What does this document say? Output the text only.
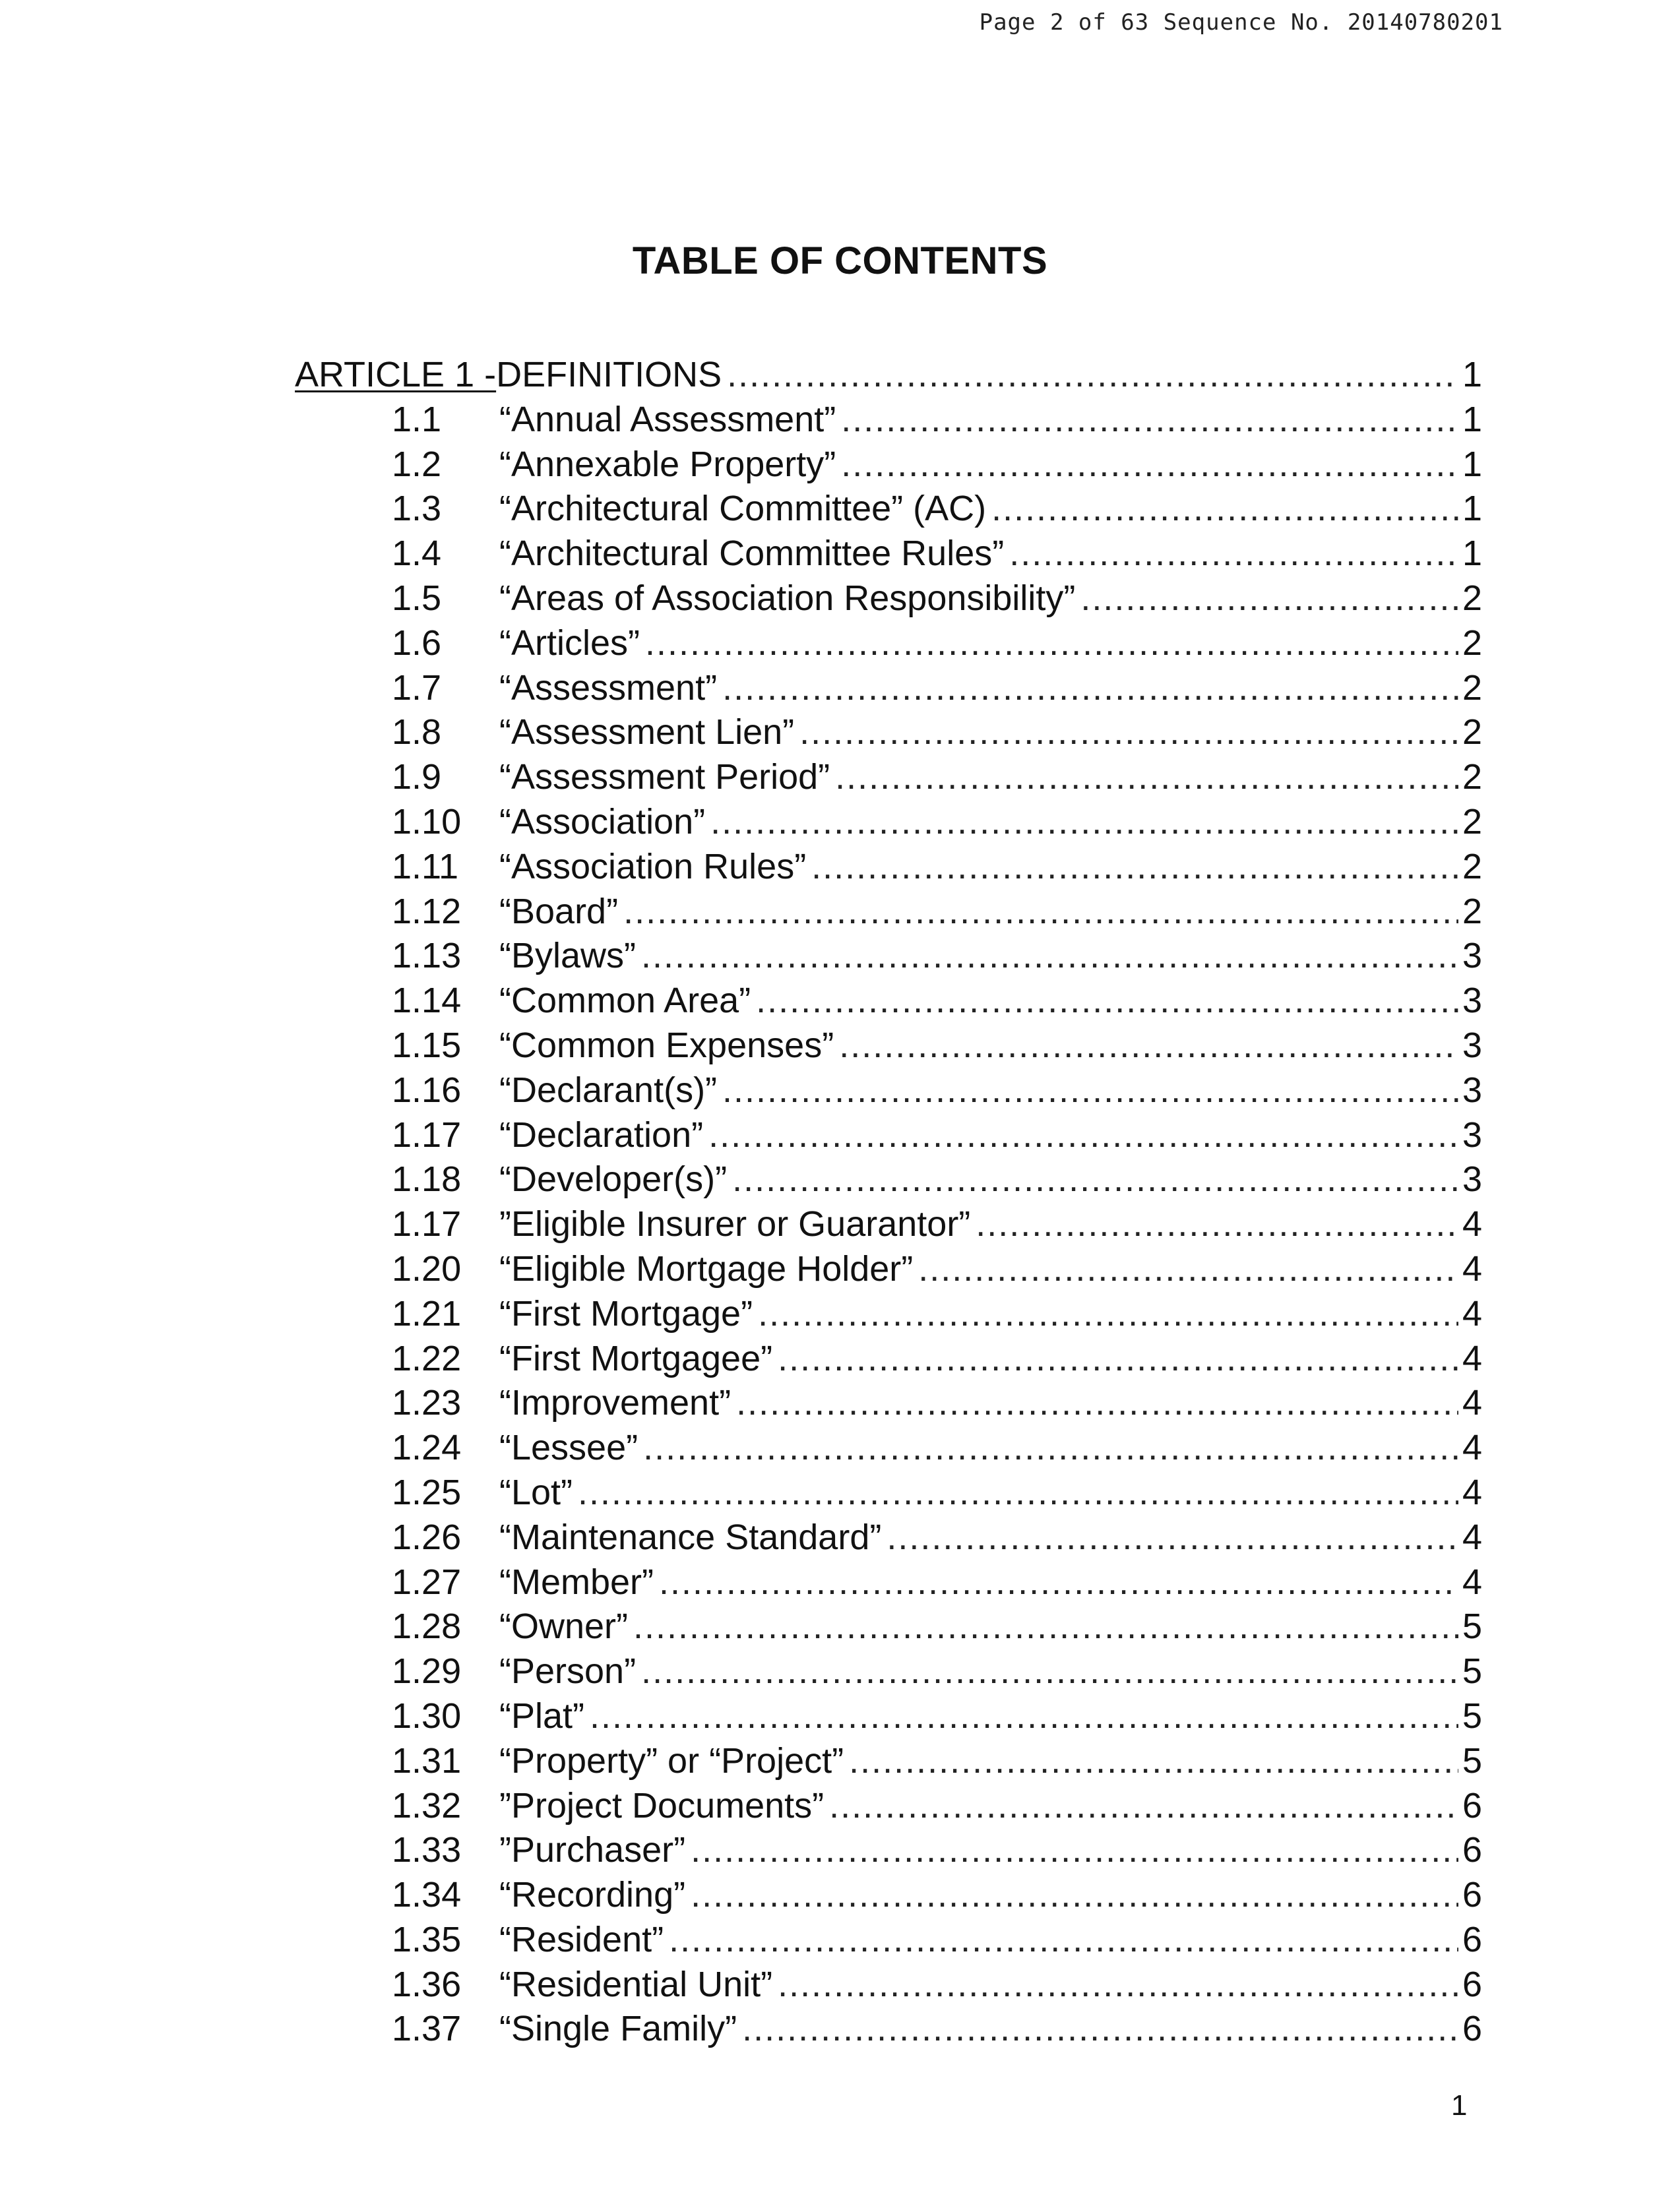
Page 2 of 63 Sequence No. 20140780201
TABLE OF CONTENTS
ARTICLE 1 - DEFINITIONS .....	1
1.1	“Annual Assessment” .....	1
1.2	“Annexable Property” .....	1
1.3	“Architectural Committee” (AC) .....	1
1.4	“Architectural Committee Rules” .....	1
1.5	“Areas of Association Responsibility” .....	2
1.6	“Articles” .....	2
1.7	“Assessment” .....	2
1.8	“Assessment Lien” .....	2
1.9	“Assessment Period” .....	2
1.10	“Association” .....	2
1.11	“Association Rules” .....	2
1.12	“Board” .....	2
1.13	“Bylaws” .....	3
1.14	“Common Area” .....	3
1.15	“Common Expenses” .....	3
1.16	“Declarant(s)” .....	3
1.17	“Declaration” .....	3
1.18	“Developer(s)” .....	3
1.17	”Eligible Insurer or Guarantor” .....	4
1.20	“Eligible Mortgage Holder” .....	4
1.21	“First Mortgage” .....	4
1.22	“First Mortgagee” .....	4
1.23	“Improvement” .....	4
1.24	“Lessee” .....	4
1.25	“Lot” .....	4
1.26	“Maintenance Standard” .....	4
1.27	“Member” .....	4
1.28	“Owner” .....	5
1.29	“Person” .....	5
1.30	“Plat” .....	5
1.31	“Property” or “Project” .....	5
1.32	”Project Documents” .....	6
1.33	”Purchaser” .....	6
1.34	“Recording” .....	6
1.35	“Resident” .....	6
1.36	“Residential Unit” .....	6
1.37	“Single Family” .....	6
1
